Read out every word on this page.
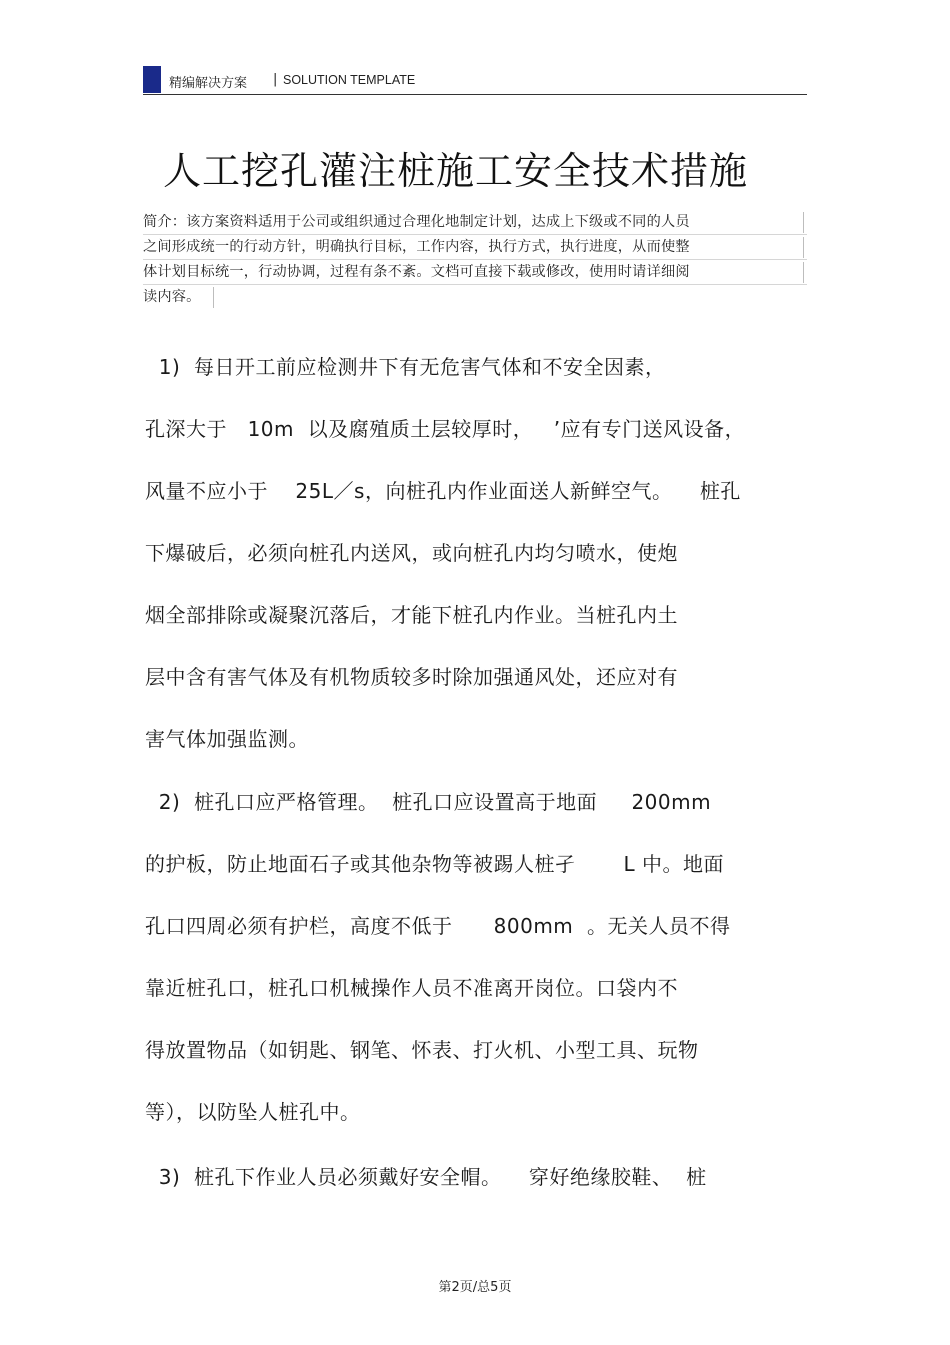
精编解决方案 | SOLUTION TEMPLATE
人工挖孔灌注桩施工安全技术措施
简介：该方案资料适用于公司或组织通过合理化地制定计划，达成上下级或不同的人员
之间形成统一的行动方针，明确执行目标，工作内容，执行方式，执行进度，从而使整
体计划目标统一，行动协调，过程有条不紊。文档可直接下载或修改，使用时请详细阅
读内容。
1)  每日开工前应检测井下有无危害气体和不安全因素，
孔深大于   10m  以及腐殖质土层较厚时，   ’应有专门送风设备，
风量不应小于    25L／s，向桩孔内作业面送人新鲜空气。    桩孔
下爆破后，必须向桩孔内送风，或向桩孔内均匀喷水，使炮
烟全部排除或凝聚沉落后，才能下桩孔内作业。当桩孔内土
层中含有害气体及有机物质较多时除加强通风处，还应对有
害气体加强监测。
2)  桩孔口应严格管理。  桩孔口应设置高于地面     200mm
的护板，防止地面石子或其他杂物等被踢人桩孑       L 中。地面
孔口四周必须有护栏，高度不低于      800mm  。无关人员不得
靠近桩孔口，桩孔口机械操作人员不准离开岗位。口袋内不
得放置物品（如钥匙、钢笔、怀表、打火机、小型工具、玩物
等），以防坠人桩孔中。
3)  桩孔下作业人员必须戴好安全帽。    穿好绝缘胶鞋、  桩
第2页/总5页
